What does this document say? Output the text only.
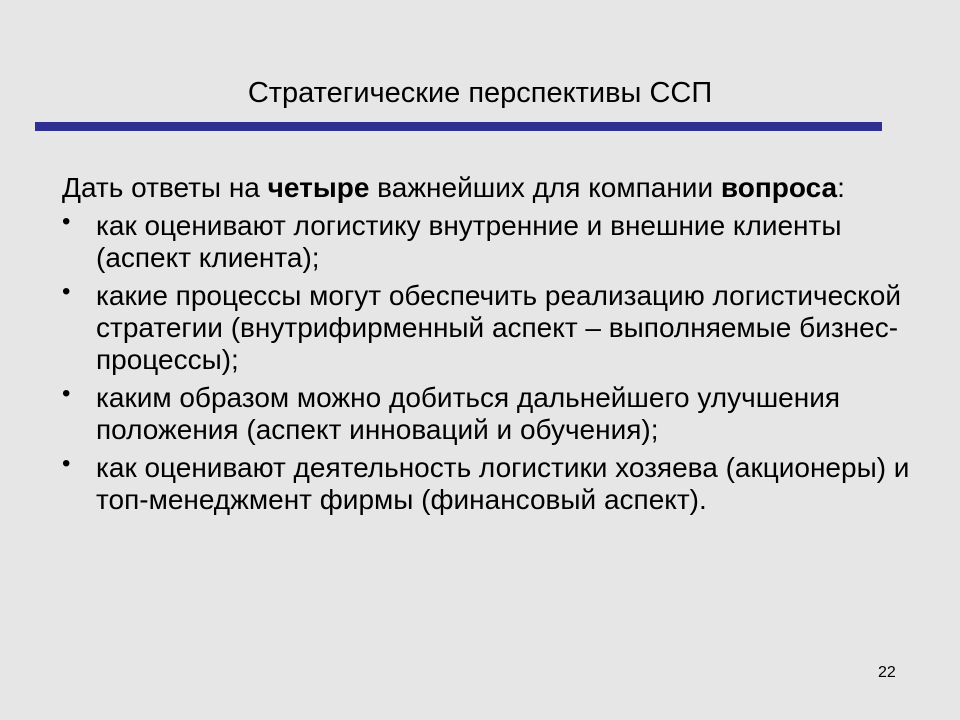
Стратегические перспективы ССП

Дать ответы на четыре важнейших для компании вопроса:

• как оценивают логистику внутренние и внешние клиенты (аспект клиента);
• какие процессы могут обеспечить реализацию логистической стратегии (внутрифирменный аспект – выполняемые бизнес-процессы);
• каким образом можно добиться дальнейшего улучшения положения (аспект инноваций и обучения);
• как оценивают деятельность логистики хозяева (акционеры) и топ-менеджмент фирмы (финансовый аспект).
22
